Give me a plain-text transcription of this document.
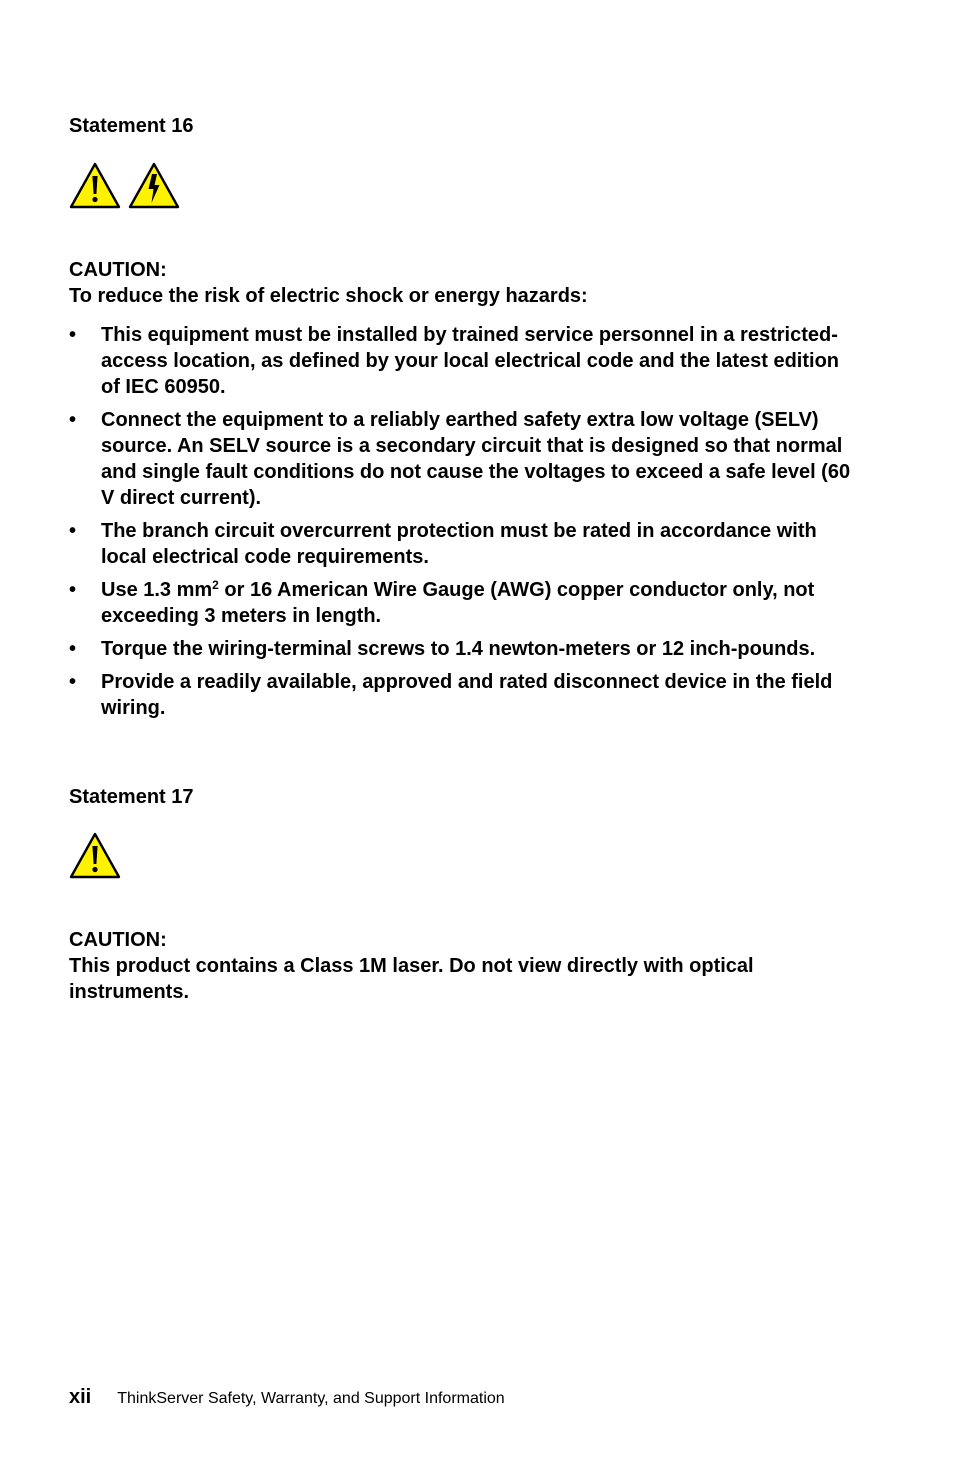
Statement 16

CAUTION:

To reduce the risk of electric shock or energy hazards:

• This equipment must be installed by trained service personnel in a restricted-access location, as defined by your local electrical code and the latest edition of IEC 60950.
• Connect the equipment to a reliably earthed safety extra low voltage (SELV) source. An SELV source is a secondary circuit that is designed so that normal and single fault conditions do not cause the voltages to exceed a safe level (60 V direct current).
• The branch circuit overcurrent protection must be rated in accordance with local electrical code requirements.
• Use 1.3 $mm^2$ or 16 American Wire Gauge (AWG) copper conductor only, not exceeding 3 meters in length.
• Torque the wiring-terminal screws to 1.4 newton-meters or 12 inch-pounds.
• Provide a readily available, approved and rated disconnect device in the field wiring.
Statement 17

CAUTION:

This product contains a Class 1M laser. Do not view directly with optical instruments.

xii ThinkServer Safety, Warranty, and Support Information
